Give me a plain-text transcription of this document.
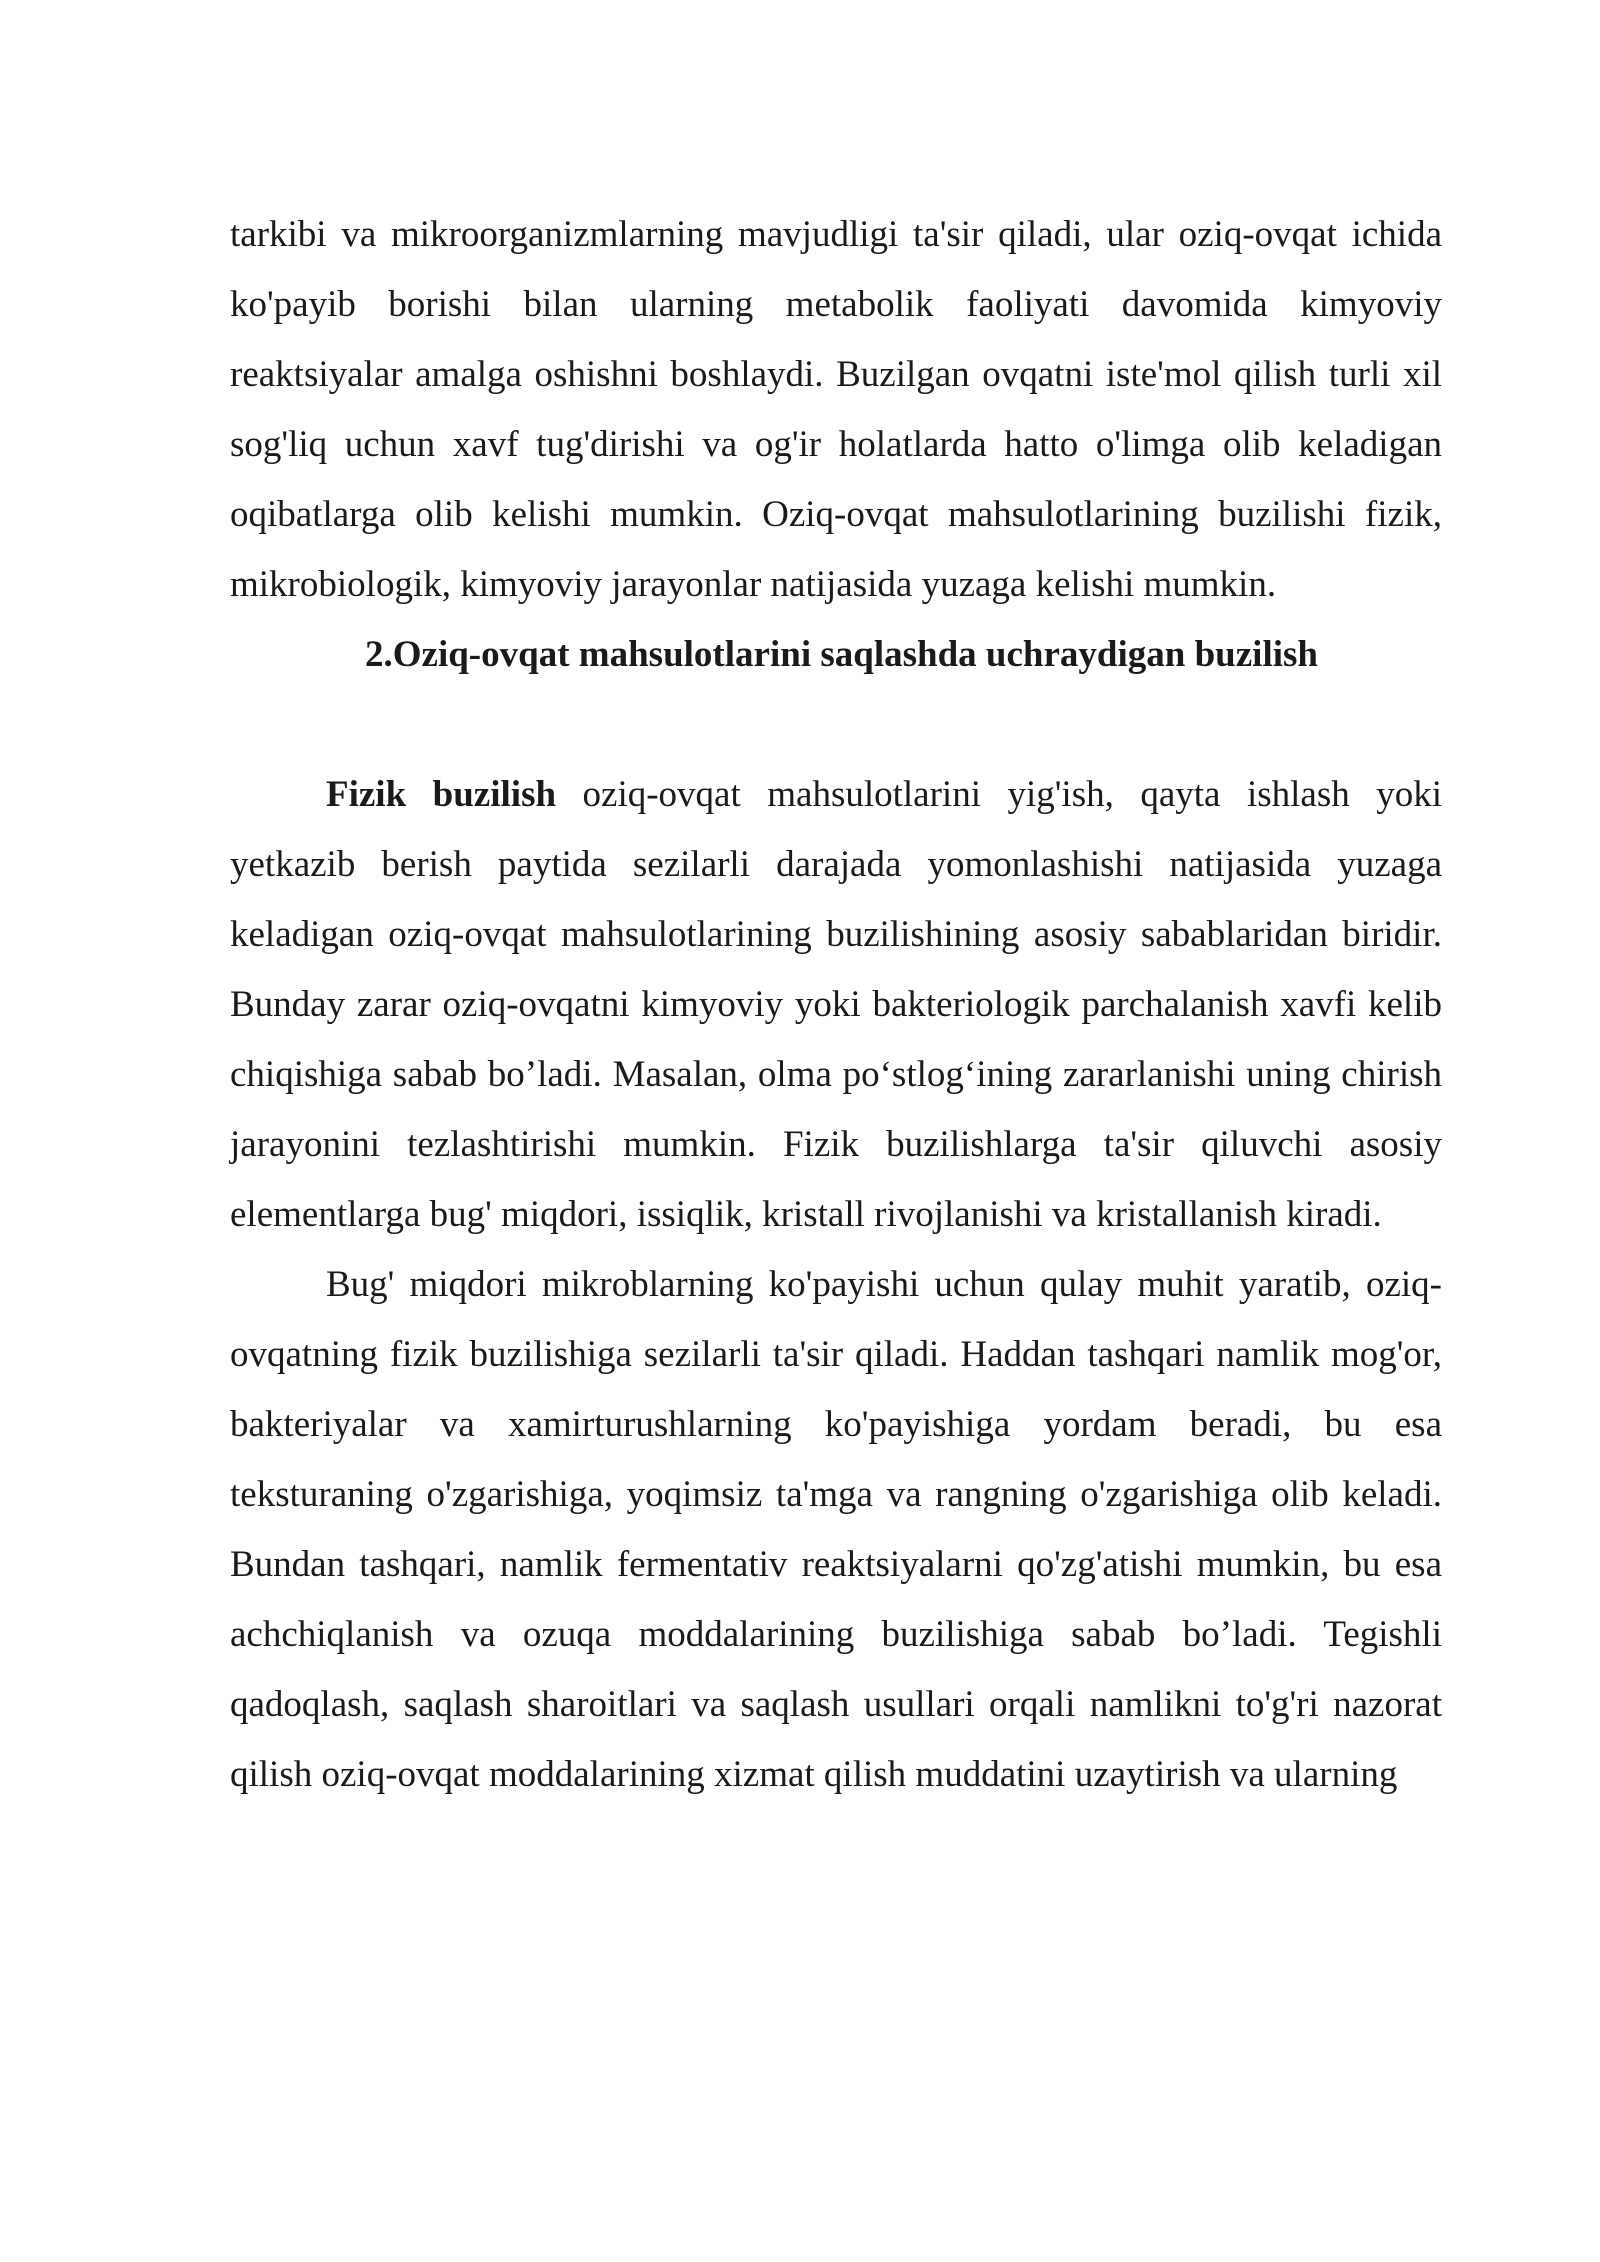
tarkibi va mikroorganizmlarning mavjudligi ta'sir qiladi, ular oziq-ovqat ichida ko'payib borishi bilan ularning metabolik faoliyati davomida kimyoviy reaktsiyalar amalga oshishni boshlaydi. Buzilgan ovqatni iste'mol qilish turli xil sog'liq uchun xavf tug'dirishi va og'ir holatlarda hatto o'limga olib keladigan oqibatlarga olib kelishi mumkin. Oziq-ovqat mahsulotlarining buzilishi fizik, mikrobiologik, kimyoviy jarayonlar natijasida yuzaga kelishi mumkin.

2.Oziq-ovqat mahsulotlarini saqlashda uchraydigan buzilish

Fizik buzilish oziq-ovqat mahsulotlarini yig'ish, qayta ishlash yoki yetkazib berish paytida sezilarli darajada yomonlashishi natijasida yuzaga keladigan oziq-ovqat mahsulotlarining buzilishining asosiy sabablaridan biridir. Bunday zarar oziq-ovqatni kimyoviy yoki bakteriologik parchalanish xavfi kelib chiqishiga sabab bo’ladi. Masalan, olma po‘stlog‘ining zararlanishi uning chirish jarayonini tezlashtirishi mumkin. Fizik buzilishlarga ta'sir qiluvchi asosiy elementlarga bug' miqdori, issiqlik, kristall rivojlanishi va kristallanish kiradi.

Bug' miqdori mikroblarning ko'payishi uchun qulay muhit yaratib, oziq-ovqatning fizik buzilishiga sezilarli ta'sir qiladi. Haddan tashqari namlik mog'or, bakteriyalar va xamirturushlarning ko'payishiga yordam beradi, bu esa teksturaning o'zgarishiga, yoqimsiz ta'mga va rangning o'zgarishiga olib keladi. Bundan tashqari, namlik fermentativ reaktsiyalarni qo'zg'atishi mumkin, bu esa achchiqlanish va ozuqa moddalarining buzilishiga sabab bo’ladi. Tegishli qadoqlash, saqlash sharoitlari va saqlash usullari orqali namlikni to'g'ri nazorat qilish oziq-ovqat moddalarining xizmat qilish muddatini uzaytirish va ularning
